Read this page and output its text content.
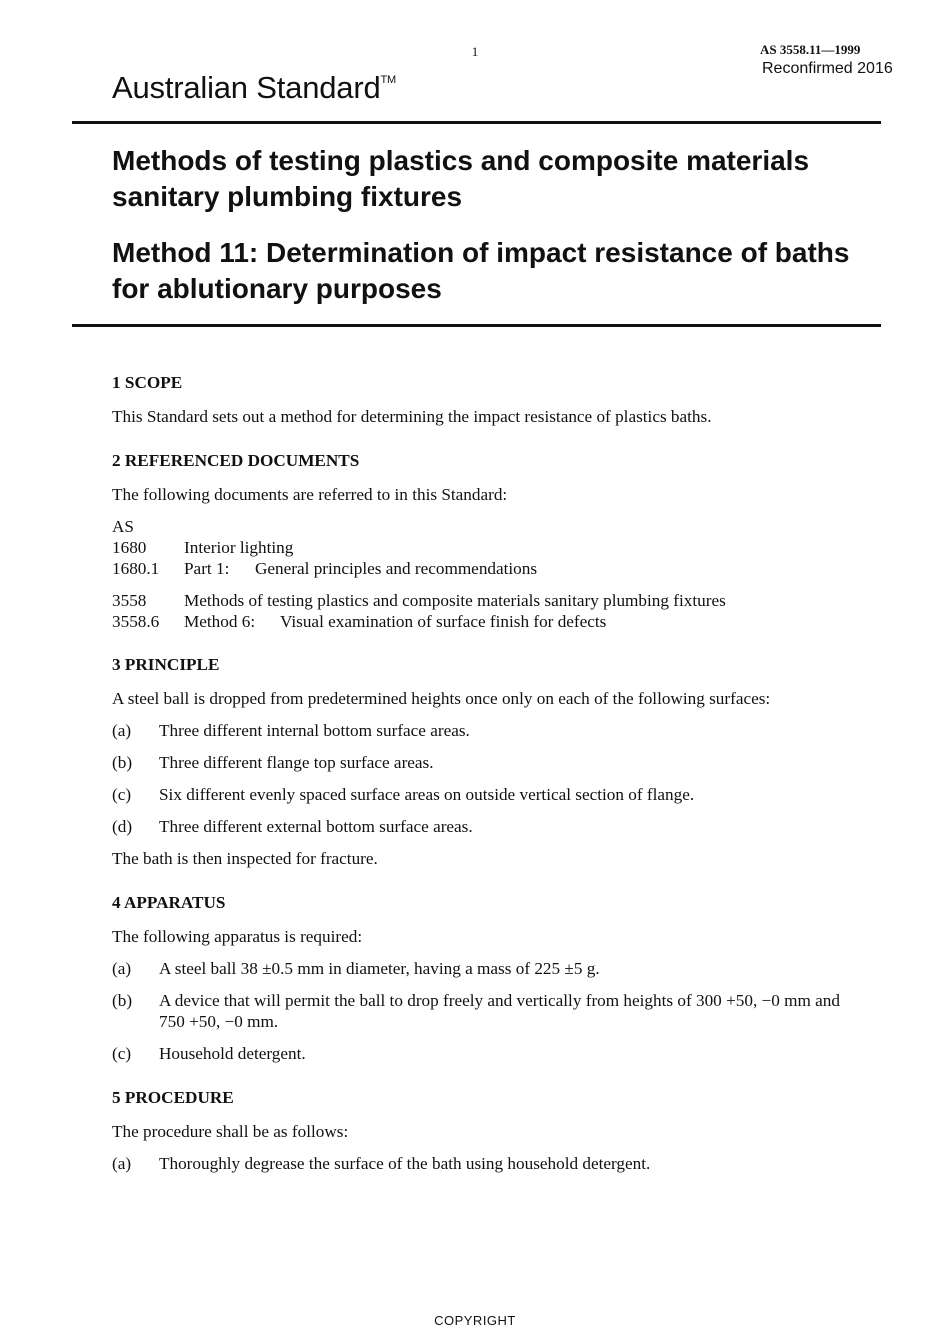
1	AS 3558.11—1999
Reconfirmed 2016
Australian Standard™
Methods of testing plastics and composite materials sanitary plumbing fixtures
Method 11: Determination of impact resistance of baths for ablutionary purposes
1 SCOPE
This Standard sets out a method for determining the impact resistance of plastics baths.
2 REFERENCED DOCUMENTS
The following documents are referred to in this Standard:
AS
1680	Interior lighting
1680.1	Part 1:	General principles and recommendations
3558	Methods of testing plastics and composite materials sanitary plumbing fixtures
3558.6	Method 6:	Visual examination of surface finish for defects
3 PRINCIPLE
A steel ball is dropped from predetermined heights once only on each of the following surfaces:
(a)	Three different internal bottom surface areas.
(b)	Three different flange top surface areas.
(c)	Six different evenly spaced surface areas on outside vertical section of flange.
(d)	Three different external bottom surface areas.
The bath is then inspected for fracture.
4 APPARATUS
The following apparatus is required:
(a)	A steel ball 38 ±0.5 mm in diameter, having a mass of 225 ±5 g.
(b)	A device that will permit the ball to drop freely and vertically from heights of 300 +50, −0 mm and 750 +50, −0 mm.
(c)	Household detergent.
5 PROCEDURE
The procedure shall be as follows:
(a)	Thoroughly degrease the surface of the bath using household detergent.
COPYRIGHT
